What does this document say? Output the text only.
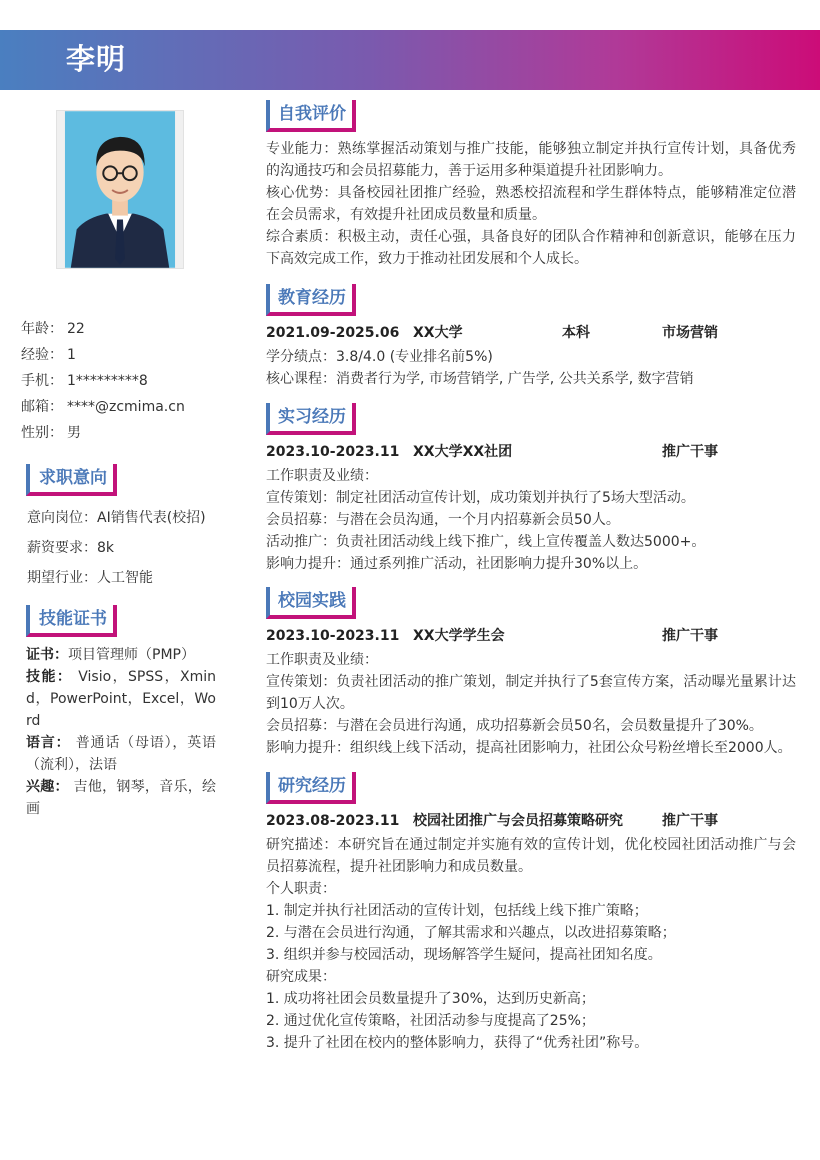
李明
年龄： 22
经验： 1
手机： 1*********8
邮箱： ****@zcmima.cn
性别： 男
求职意向
意向岗位：AI销售代表(校招)
薪资要求：8k
期望行业：人工智能
技能证书
证书：项目管理师（PMP）
技能： Visio，SPSS，Xmind，PowerPoint，Excel，Word
语言： 普通话（母语），英语（流利），法语
兴趣： 吉他，钢琴，音乐，绘画
自我评价
专业能力：熟练掌握活动策划与推广技能，能够独立制定并执行宣传计划，具备优秀的沟通技巧和会员招募能力，善于运用多种渠道提升社团影响力。
核心优势：具备校园社团推广经验，熟悉校招流程和学生群体特点，能够精准定位潜在会员需求，有效提升社团成员数量和质量。
综合素质：积极主动，责任心强，具备良好的团队合作精神和创新意识，能够在压力下高效完成工作，致力于推动社团发展和个人成长。
教育经历
2021.09-2025.06 XX大学	本科	市场营销
学分绩点：3.8/4.0 (专业排名前5%)
核心课程：消费者行为学, 市场营销学, 广告学, 公共关系学, 数字营销
实习经历
2023.10-2023.11 XX大学XX社团	推广干事
工作职责及业绩：
宣传策划：制定社团活动宣传计划，成功策划并执行了5场大型活动。
会员招募：与潜在会员沟通，一个月内招募新会员50人。
活动推广：负责社团活动线上线下推广，线上宣传覆盖人数达5000+。
影响力提升：通过系列推广活动，社团影响力提升30%以上。
校园实践
2023.10-2023.11 XX大学学生会	推广干事
工作职责及业绩：
宣传策划：负责社团活动的推广策划，制定并执行了5套宣传方案，活动曝光量累计达到10万人次。
会员招募：与潜在会员进行沟通，成功招募新会员50名，会员数量提升了30%。
影响力提升：组织线上线下活动，提高社团影响力，社团公众号粉丝增长至2000人。
研究经历
2023.08-2023.11 校园社团推广与会员招募策略研究	推广干事
研究描述：本研究旨在通过制定并实施有效的宣传计划，优化校园社团活动推广与会员招募流程，提升社团影响力和成员数量。
个人职责：
1. 制定并执行社团活动的宣传计划，包括线上线下推广策略；
2. 与潜在会员进行沟通，了解其需求和兴趣点，以改进招募策略；
3. 组织并参与校园活动，现场解答学生疑问，提高社团知名度。
研究成果：
1. 成功将社团会员数量提升了30%，达到历史新高；
2. 通过优化宣传策略，社团活动参与度提高了25%；
3. 提升了社团在校内的整体影响力，获得了“优秀社团”称号。
